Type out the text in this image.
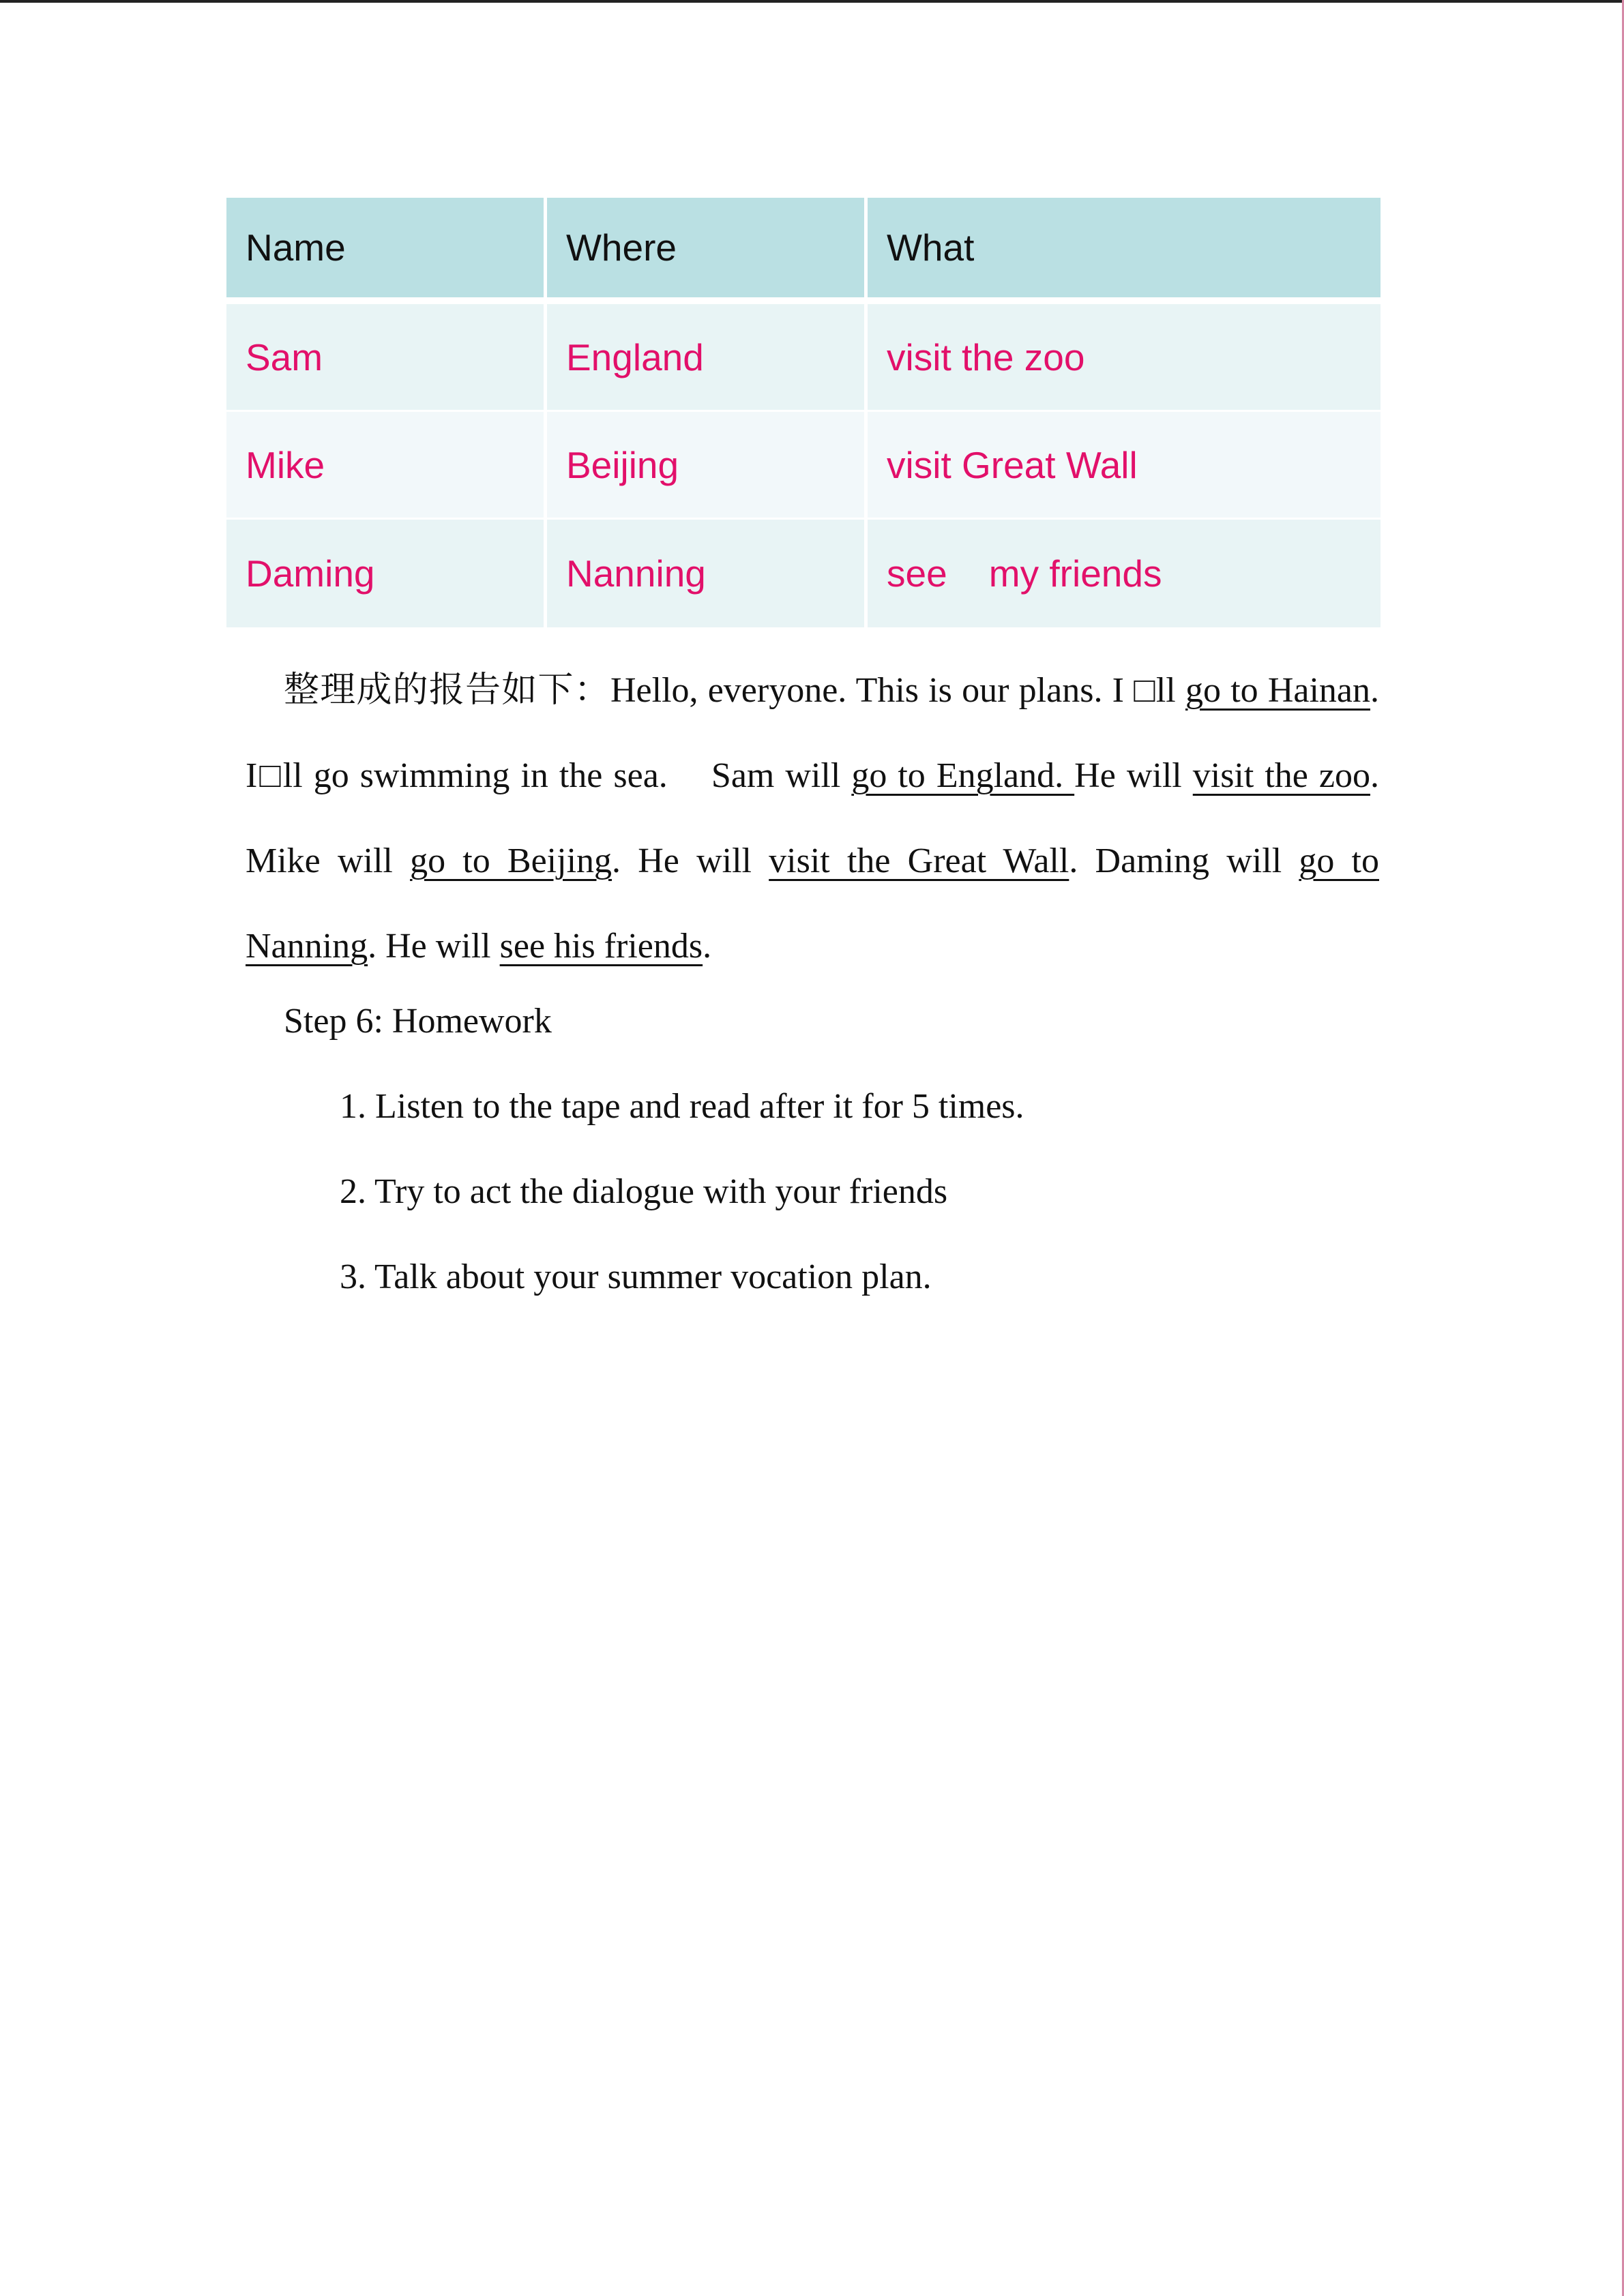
Name	Where	What
Sam	England	visit the zoo
Mike	Beijing	visit Great Wall
Daming	Nanning	see    my friends

整理成的报告如下：Hello, everyone. This is our plans. I □ll go to Hainan. I□ll go swimming in the sea.    Sam will go to England. He will visit the zoo. Mike will go to Beijing. He will visit the Great Wall. Daming will go to Nanning. He will see his friends.

Step 6: Homework

1. Listen to the tape and read after it for 5 times.
2. Try to act the dialogue with your friends
3. Talk about your summer vocation plan.
